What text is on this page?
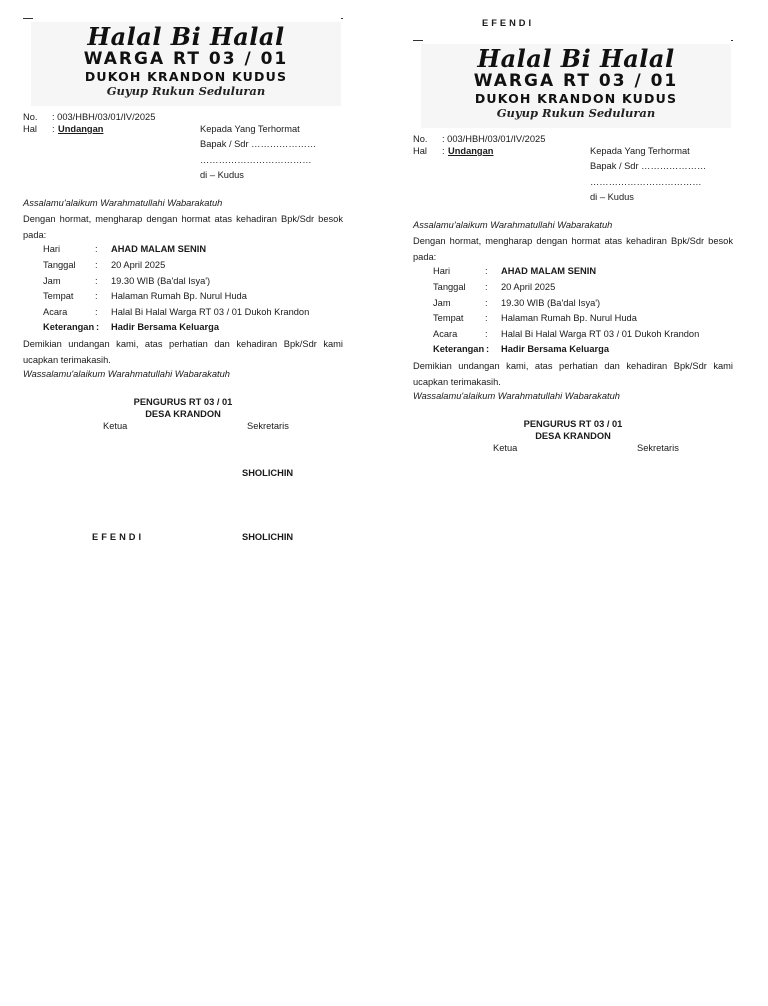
EFENDI
Halal Bi Halal
WARGA RT 03 / 01
DUKOH KRANDON KUDUS
Guyup Rukun Seduluran
No. : 003/HBH/03/01/IV/2025
Hal : Undangan	Kepada Yang Terhormat
Bapak / Sdr …………………
………………………………
di – Kudus
Assalamu'alaikum Warahmatullahi Wabarakatuh
Dengan hormat, mengharap dengan hormat atas kehadiran Bpk/Sdr besok pada:
Hari	: AHAD MALAM SENIN
Tanggal : 20 April 2025
Jam	: 19.30 WIB (Ba'dal Isya')
Tempat : Halaman Rumah Bp. Nurul Huda
Acara	: Halal Bi Halal Warga RT 03 / 01 Dukoh Krandon
Keterangan : Hadir Bersama Keluarga
Demikian undangan kami, atas perhatian dan kehadiran Bpk/Sdr kami ucapkan terimakasih.
Wassalamu'alaikum Warahmatullahi Wabarakatuh
PENGURUS RT 03 / 01
DESA KRANDON
Ketua	Sekretaris
SHOLICHIN
EFENDI	SHOLICHIN
Halal Bi Halal
WARGA RT 03 / 01
DUKOH KRANDON KUDUS
Guyup Rukun Seduluran
No. : 003/HBH/03/01/IV/2025
Hal : Undangan	Kepada Yang Terhormat
Bapak / Sdr …………………
………………………………
di – Kudus
Assalamu'alaikum Warahmatullahi Wabarakatuh
Dengan hormat, mengharap dengan hormat atas kehadiran Bpk/Sdr besok pada:
Hari	: AHAD MALAM SENIN
Tanggal : 20 April 2025
Jam	: 19.30 WIB (Ba'dal Isya')
Tempat : Halaman Rumah Bp. Nurul Huda
Acara	: Halal Bi Halal Warga RT 03 / 01 Dukoh Krandon
Keterangan : Hadir Bersama Keluarga
Demikian undangan kami, atas perhatian dan kehadiran Bpk/Sdr kami ucapkan terimakasih.
Wassalamu'alaikum Warahmatullahi Wabarakatuh
PENGURUS RT 03 / 01
DESA KRANDON
Ketua	Sekretaris
